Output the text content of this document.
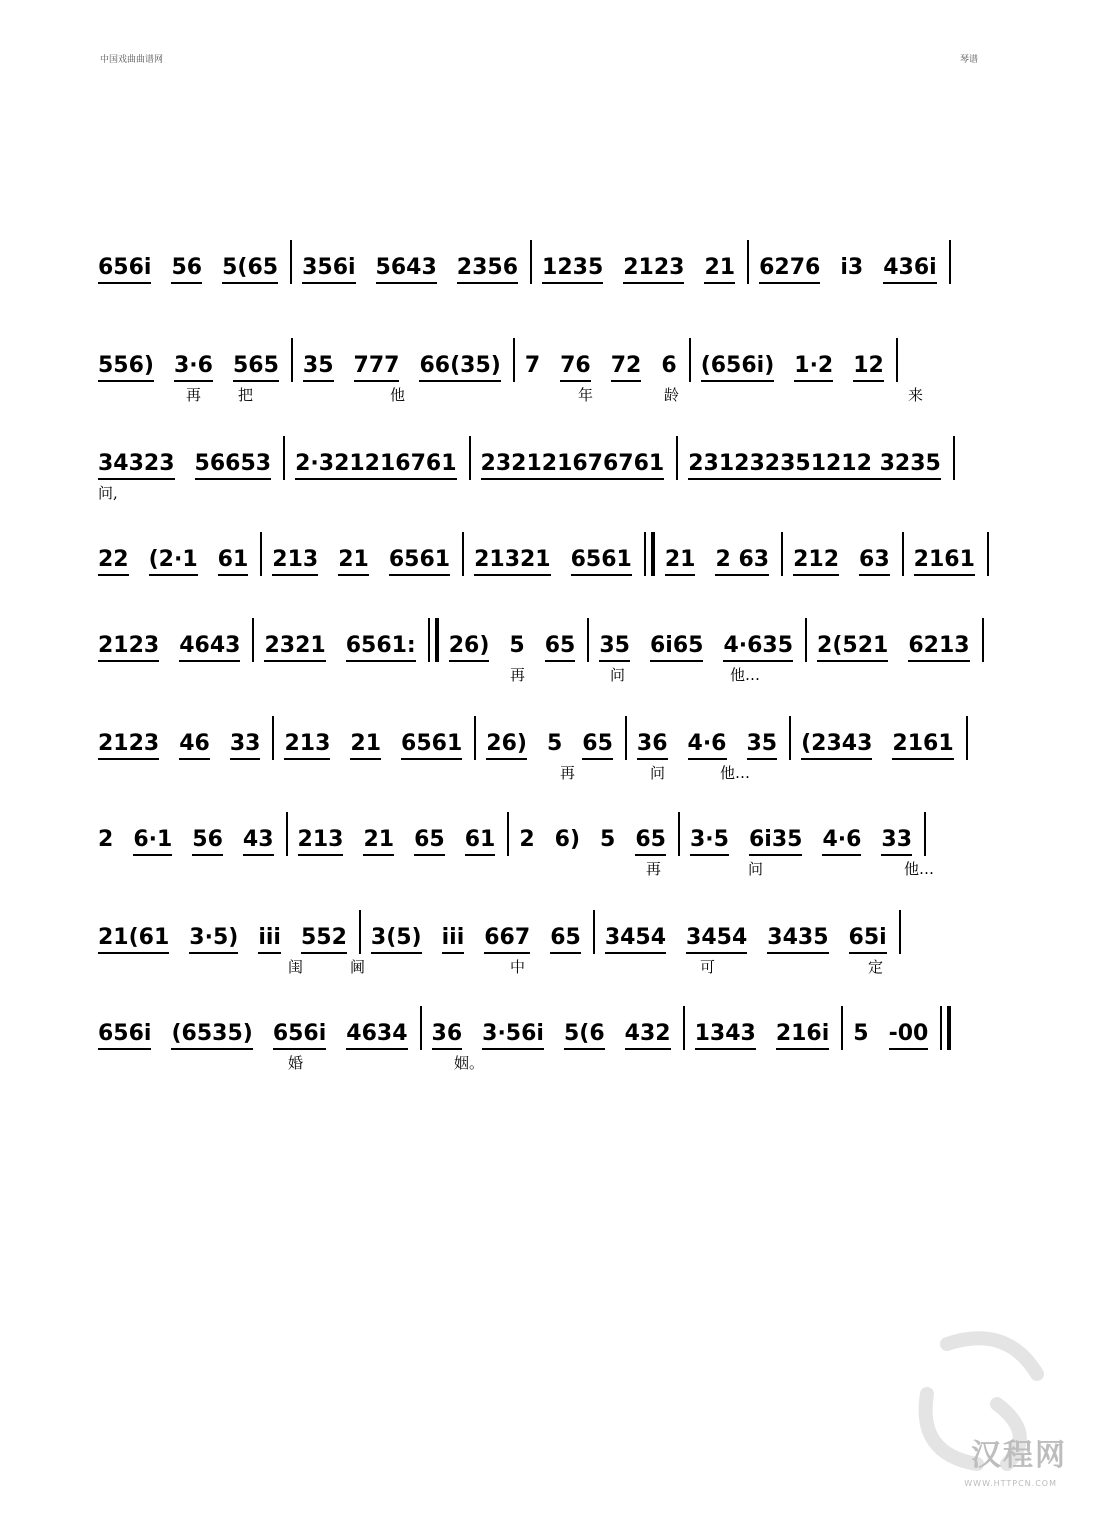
中国戏曲曲谱网	琴谱
656i 56 5(65 356i 5643 2356 1235 2123 21 6276 i3 436i
556) 3·6 565 35 777 66(35) 7 76 72 6 (656i) 1·2 12
再 把	他	年	龄	来
34323 56653 2·321216761 232121676761 231232351212 3235
问,
22 (2·1 61 213 21 6561 21321 6561 21 2 63 212 63 2161
2123 4643 2321 6561: 26) 5 65 35 6i65 4·635 2(521 6213
再	问	他…
2123 46 33 213 21 6561 26) 5 65 36 4·6 35 (2343 2161
再	问	他…
2 6·1 56 43 213 21 65 61 2 6) 5 65 3·5 6i35 4·6 33
再	问	他…
21(61 3·5) iii 552 3(5) iii 667 65 3454 3454 3435 65i
闺	阃	中	可	定
656i (6535) 656i 4634 36 3·56i 5(6 432 1343 216i 5 -00
婚	姻。
汉程网
WWW.HTTPCN.COM
